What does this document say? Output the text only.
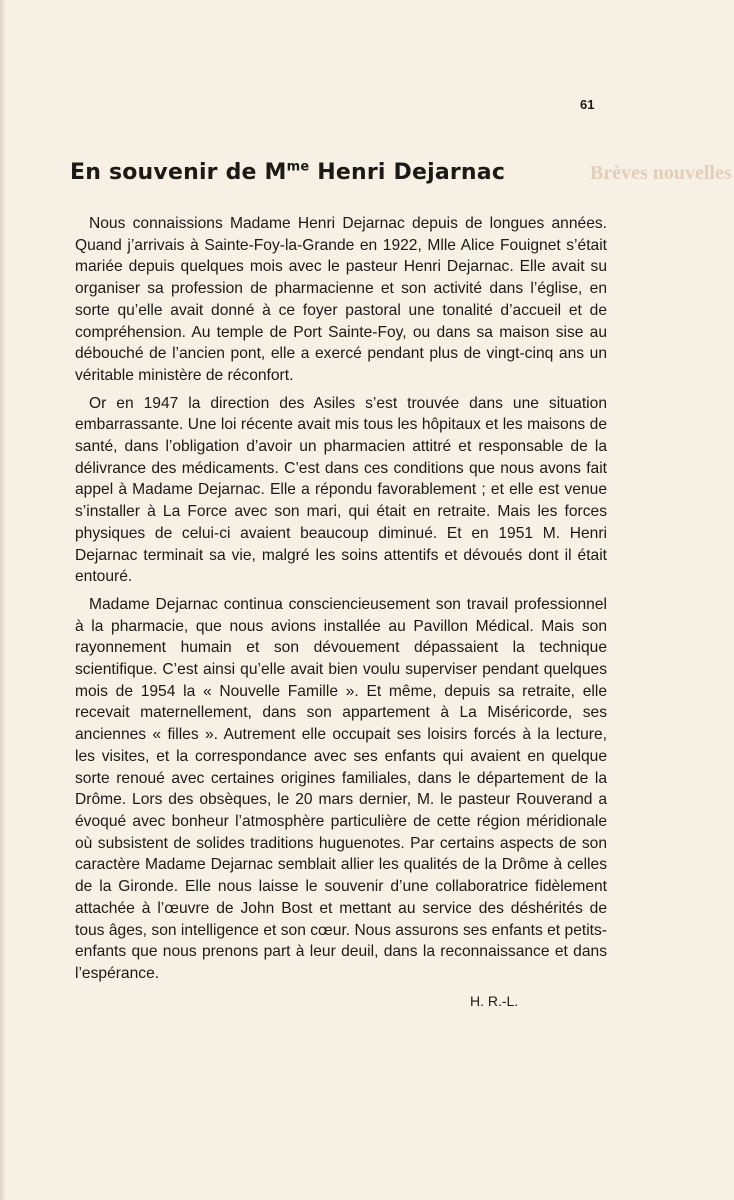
Brèves nouvelles
61
En souvenir de $M^{me}$ Henri Dejarnac

Nous connaissions Madame Henri Dejarnac depuis de longues années. Quand j’arrivais à Sainte-Foy-la-Grande en 1922, Mlle Alice Fouignet s’était mariée depuis quelques mois avec le pasteur Henri Dejarnac. Elle avait su organiser sa profession de pharmacienne et son activité dans l’église, en sorte qu’elle avait donné à ce foyer pastoral une tonalité d’accueil et de compréhension. Au temple de Port Sainte-Foy, ou dans sa maison sise au débouché de l’ancien pont, elle a exercé pendant plus de vingt-cinq ans un véritable ministère de réconfort.

Or en 1947 la direction des Asiles s’est trouvée dans une situation embarrassante. Une loi récente avait mis tous les hôpitaux et les maisons de santé, dans l’obligation d’avoir un pharmacien attitré et responsable de la délivrance des médicaments. C’est dans ces conditions que nous avons fait appel à Madame Dejarnac. Elle a répondu favorablement ; et elle est venue s’installer à La Force avec son mari, qui était en retraite. Mais les forces physiques de celui-ci avaient beaucoup diminué. Et en 1951 M. Henri Dejarnac terminait sa vie, malgré les soins attentifs et dévoués dont il était entouré.

Madame Dejarnac continua consciencieusement son travail professionnel à la pharmacie, que nous avions installée au Pavillon Médical. Mais son rayonnement humain et son dévouement dépassaient la technique scientifique. C’est ainsi qu’elle avait bien voulu superviser pendant quelques mois de 1954 la « Nouvelle Famille ». Et même, depuis sa retraite, elle recevait maternellement, dans son appartement à La Miséricorde, ses anciennes « filles ». Autrement elle occupait ses loisirs forcés à la lecture, les visites, et la correspondance avec ses enfants qui avaient en quelque sorte renoué avec certaines origines familiales, dans le département de la Drôme. Lors des obsèques, le 20 mars dernier, M. le pasteur Rouverand a évoqué avec bonheur l’atmosphère particulière de cette région méridionale où subsistent de solides traditions huguenotes. Par certains aspects de son caractère Madame Dejarnac semblait allier les qualités de la Drôme à celles de la Gironde. Elle nous laisse le souvenir d’une collaboratrice fidèlement attachée à l’œuvre de John Bost et mettant au service des déshérités de tous âges, son intelligence et son cœur. Nous assurons ses enfants et petits-enfants que nous prenons part à leur deuil, dans la reconnaissance et dans l’espérance.

H. R.-L.
